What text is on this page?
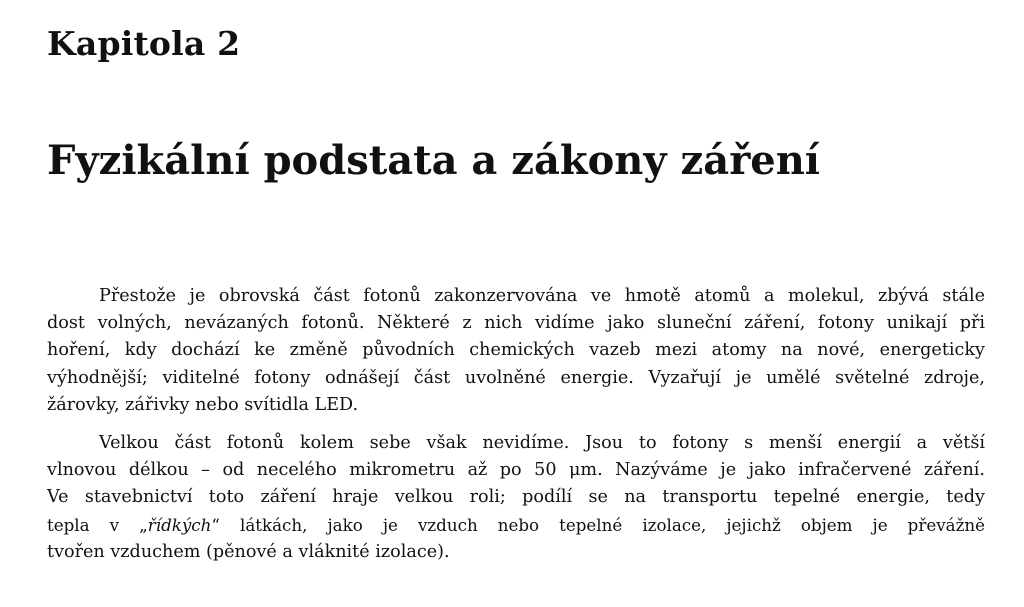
Kapitola 2
Fyzikální podstata a zákony záření

Přestože je obrovská část fotonů zakonzervována ve hmotě atomů a molekul, zbývá stále
dost volných, nevázaných fotonů. Některé z nich vidíme jako sluneční záření, fotony unikají při
hoření, kdy dochází ke změně původních chemických vazeb mezi atomy na nové, energeticky
výhodnější; viditelné fotony odnášejí část uvolněné energie. Vyzařují je umělé světelné zdroje,
žárovky, zářivky nebo svítidla LED.

Velkou část fotonů kolem sebe však nevidíme. Jsou to fotony s menší energií a větší
vlnovou délkou – od necelého mikrometru až po 50 μm. Nazýváme je jako infračervené záření.
Ve stavebnictví toto záření hraje velkou roli; podílí se na transportu tepelné energie, tedy
tepla v „řídkých“ látkách, jako je vzduch nebo tepelné izolace, jejichž objem je převážně
tvořen vzduchem (pěnové a vláknité izolace).
